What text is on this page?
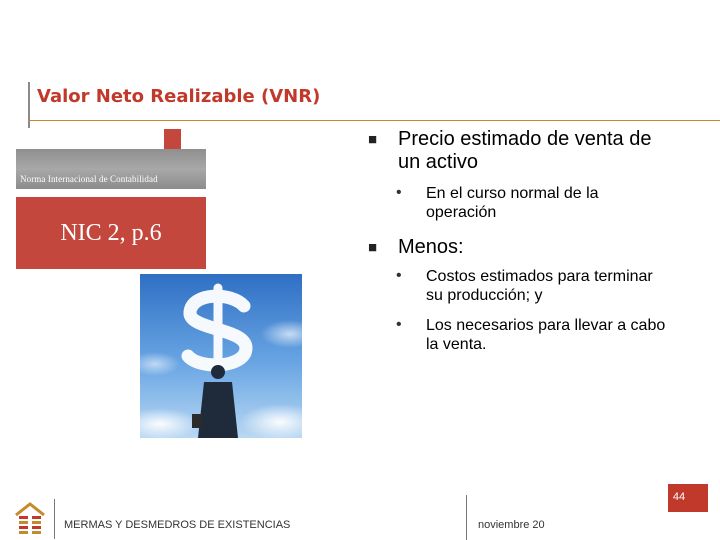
Valor Neto Realizable (VNR)
Norma Internacional de Contabilidad
NIC 2, p.6
■ Precio estimado de venta de
un activo
• En el curso normal de la
operación
■ Menos:
• Costos estimados para terminar
su producción; y
• Los necesarios para llevar a cabo
la venta.
MERMAS Y DESMEDROS DE EXISTENCIAS	noviembre 20
44
